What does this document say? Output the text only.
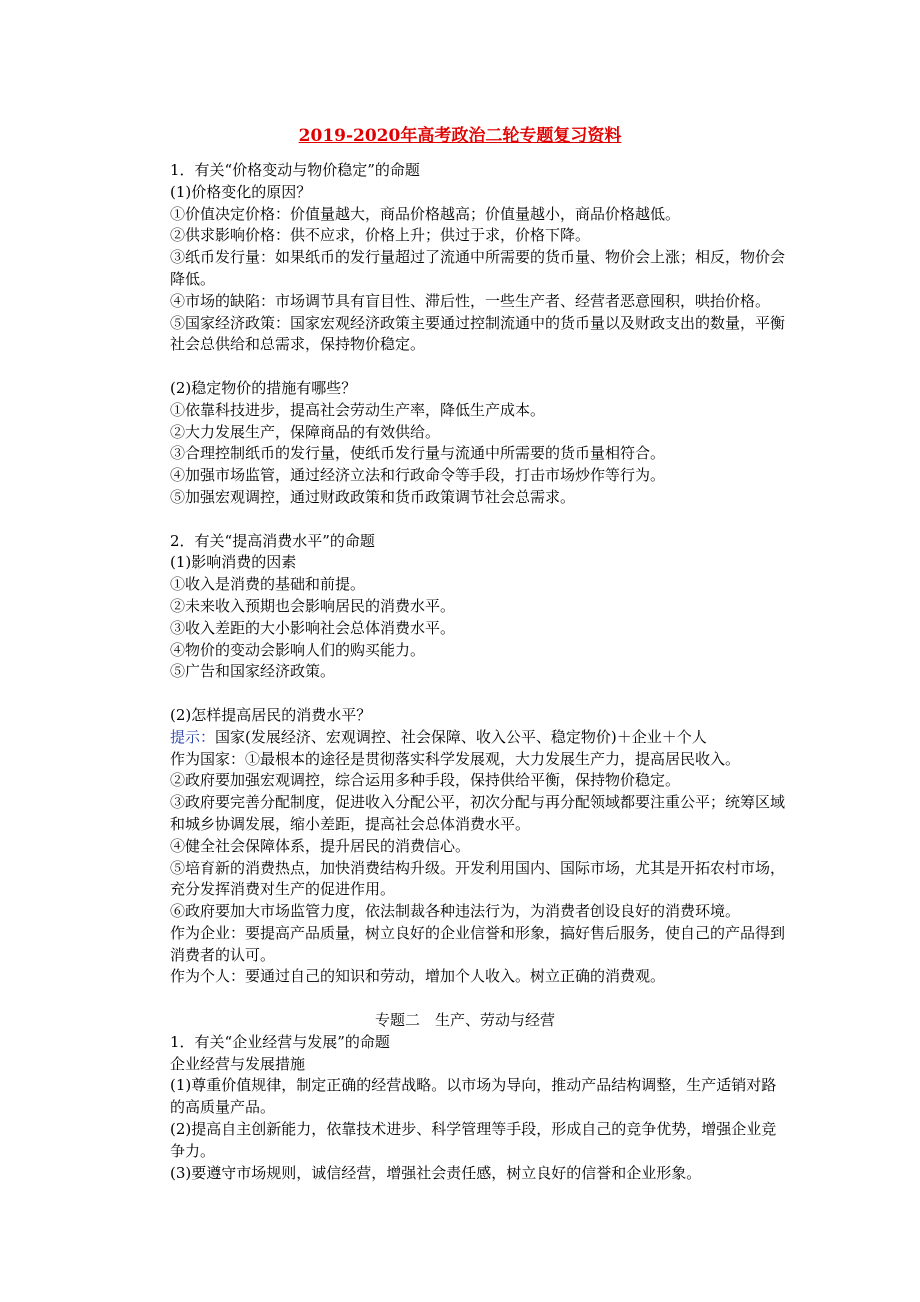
2019-2020年高考政治二轮专题复习资料
1．有关“价格变动与物价稳定”的命题
(1)价格变化的原因？
①价值决定价格：价值量越大，商品价格越高；价值量越小，商品价格越低。
②供求影响价格：供不应求，价格上升；供过于求，价格下降。
③纸币发行量：如果纸币的发行量超过了流通中所需要的货币量、物价会上涨；相反，物价会降低。
④市场的缺陷：市场调节具有盲目性、滞后性，一些生产者、经营者恶意囤积，哄抬价格。
⑤国家经济政策：国家宏观经济政策主要通过控制流通中的货币量以及财政支出的数量，平衡社会总供给和总需求，保持物价稳定。
(2)稳定物价的措施有哪些？
①依靠科技进步，提高社会劳动生产率，降低生产成本。
②大力发展生产，保障商品的有效供给。
③合理控制纸币的发行量，使纸币发行量与流通中所需要的货币量相符合。
④加强市场监管，通过经济立法和行政命令等手段，打击市场炒作等行为。
⑤加强宏观调控，通过财政政策和货币政策调节社会总需求。
2．有关“提高消费水平”的命题
(1)影响消费的因素
①收入是消费的基础和前提。
②未来收入预期也会影响居民的消费水平。
③收入差距的大小影响社会总体消费水平。
④物价的变动会影响人们的购买能力。
⑤广告和国家经济政策。
(2)怎样提高居民的消费水平？
提示：国家(发展经济、宏观调控、社会保障、收入公平、稳定物价)＋企业＋个人
作为国家：①最根本的途径是贯彻落实科学发展观，大力发展生产力，提高居民收入。
②政府要加强宏观调控，综合运用多种手段，保持供给平衡，保持物价稳定。
③政府要完善分配制度，促进收入分配公平，初次分配与再分配领域都要注重公平；统筹区域和城乡协调发展，缩小差距，提高社会总体消费水平。
④健全社会保障体系，提升居民的消费信心。
⑤培育新的消费热点，加快消费结构升级。开发利用国内、国际市场，尤其是开拓农村市场，充分发挥消费对生产的促进作用。
⑥政府要加大市场监管力度，依法制裁各种违法行为，为消费者创设良好的消费环境。
作为企业：要提高产品质量，树立良好的企业信誉和形象，搞好售后服务，使自己的产品得到消费者的认可。
作为个人：要通过自己的知识和劳动，增加个人收入。树立正确的消费观。
专题二　生产、劳动与经营
1．有关“企业经营与发展”的命题
企业经营与发展措施
(1)尊重价值规律，制定正确的经营战略。以市场为导向，推动产品结构调整，生产适销对路的高质量产品。
(2)提高自主创新能力，依靠技术进步、科学管理等手段，形成自己的竞争优势，增强企业竞争力。
(3)要遵守市场规则，诚信经营，增强社会责任感，树立良好的信誉和企业形象。
